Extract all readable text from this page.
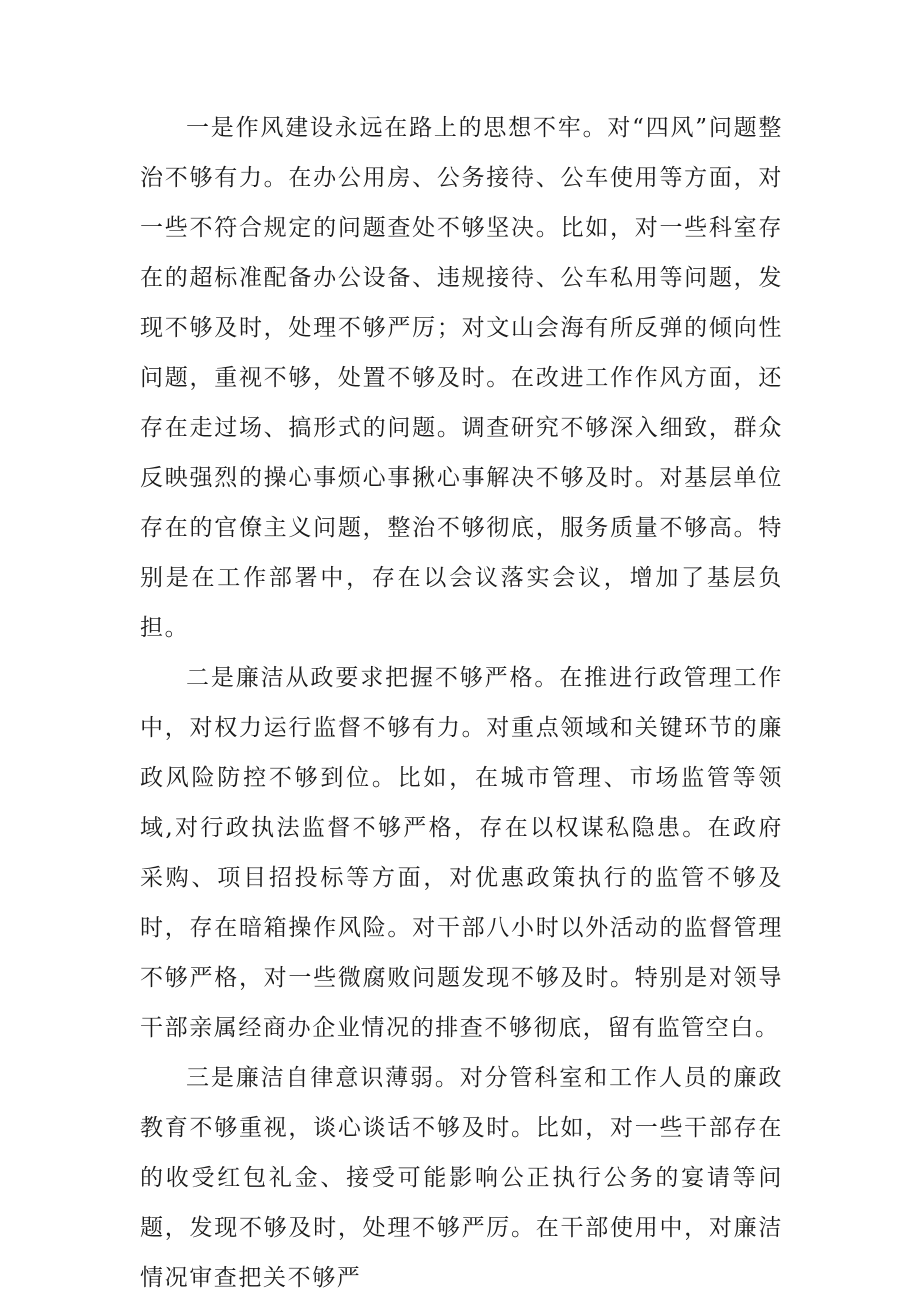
一是作风建设永远在路上的思想不牢。对“四风”问题整治不够有力。在办公用房、公务接待、公车使用等方面，对一些不符合规定的问题查处不够坚决。比如，对一些科室存在的超标准配备办公设备、违规接待、公车私用等问题，发现不够及时，处理不够严厉；对文山会海有所反弹的倾向性问题，重视不够，处置不够及时。在改进工作作风方面，还存在走过场、搞形式的问题。调查研究不够深入细致，群众反映强烈的操心事烦心事揪心事解决不够及时。对基层单位存在的官僚主义问题，整治不够彻底，服务质量不够高。特别是在工作部署中，存在以会议落实会议，增加了基层负担。

二是廉洁从政要求把握不够严格。在推进行政管理工作中，对权力运行监督不够有力。对重点领域和关键环节的廉政风险防控不够到位。比如，在城市管理、市场监管等领域,对行政执法监督不够严格，存在以权谋私隐患。在政府采购、项目招投标等方面，对优惠政策执行的监管不够及时，存在暗箱操作风险。对干部八小时以外活动的监督管理不够严格，对一些微腐败问题发现不够及时。特别是对领导干部亲属经商办企业情况的排查不够彻底，留有监管空白。

三是廉洁自律意识薄弱。对分管科室和工作人员的廉政教育不够重视，谈心谈话不够及时。比如，对一些干部存在的收受红包礼金、接受可能影响公正执行公务的宴请等问题，发现不够及时，处理不够严厉。在干部使用中，对廉洁情况审查把关不够严
